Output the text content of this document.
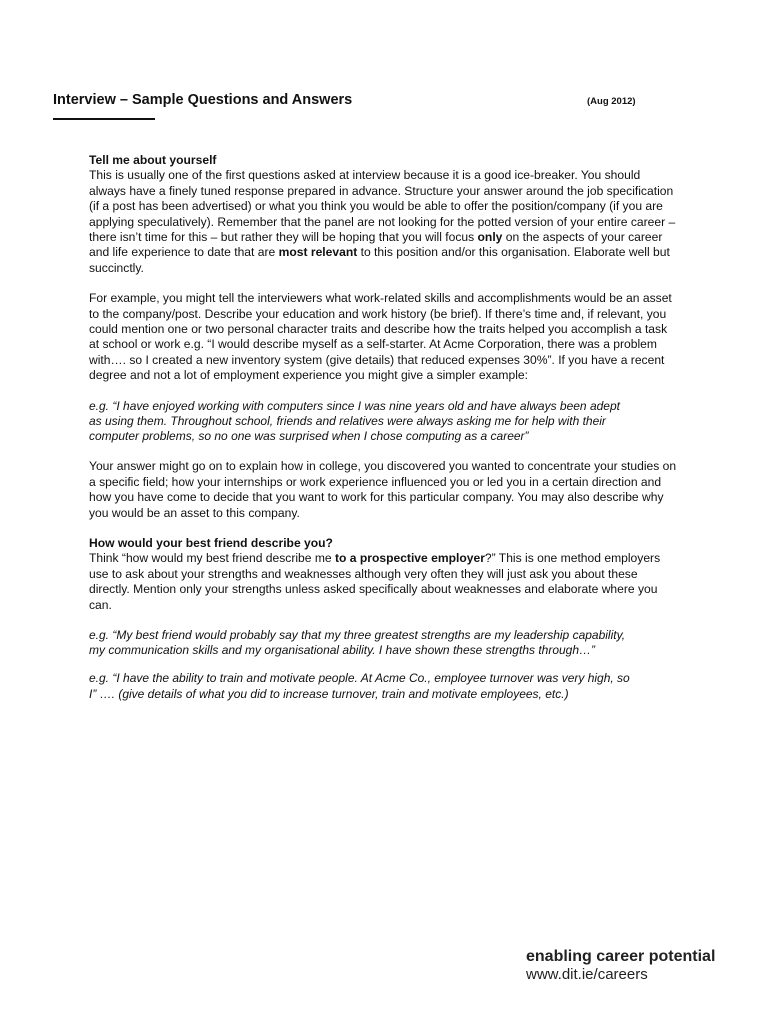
Interview – Sample Questions and Answers	(Aug 2012)

Tell me about yourself

This is usually one of the first questions asked at interview because it is a good ice-breaker. You should always have a finely tuned response prepared in advance. Structure your answer around the job specification (if a post has been advertised) or what you think you would be able to offer the position/company (if you are applying speculatively). Remember that the panel are not looking for the potted version of your entire career – there isn’t time for this – but rather they will be hoping that you will focus only on the aspects of your career and life experience to date that are most relevant to this position and/or this organisation. Elaborate well but succinctly.

For example, you might tell the interviewers what work-related skills and accomplishments would be an asset to the company/post. Describe your education and work history (be brief). If there’s time and, if relevant, you could mention one or two personal character traits and describe how the traits helped you accomplish a task at school or work e.g. “I would describe myself as a self-starter. At Acme Corporation, there was a problem with…. so I created a new inventory system (give details) that reduced expenses 30%”. If you have a recent degree and not a lot of employment experience you might give a simpler example:

e.g. “I have enjoyed working with computers since I was nine years old and have always been adept as using them. Throughout school, friends and relatives were always asking me for help with their computer problems, so no one was surprised when I chose computing as a career”

Your answer might go on to explain how in college, you discovered you wanted to concentrate your studies on a specific field; how your internships or work experience influenced you or led you in a certain direction and how you have come to decide that you want to work for this particular company. You may also describe why you would be an asset to this company.

How would your best friend describe you?

Think “how would my best friend describe me to a prospective employer?” This is one method employers use to ask about your strengths and weaknesses although very often they will just ask you about these directly. Mention only your strengths unless asked specifically about weaknesses and elaborate where you can.

e.g. “My best friend would probably say that my three greatest strengths are my leadership capability, my communication skills and my organisational ability. I have shown these strengths through…”

e.g. “I have the ability to train and motivate people. At Acme Co., employee turnover was very high, so I” …. (give details of what you did to increase turnover, train and motivate employees, etc.)

enabling career potential
www.dit.ie/careers
